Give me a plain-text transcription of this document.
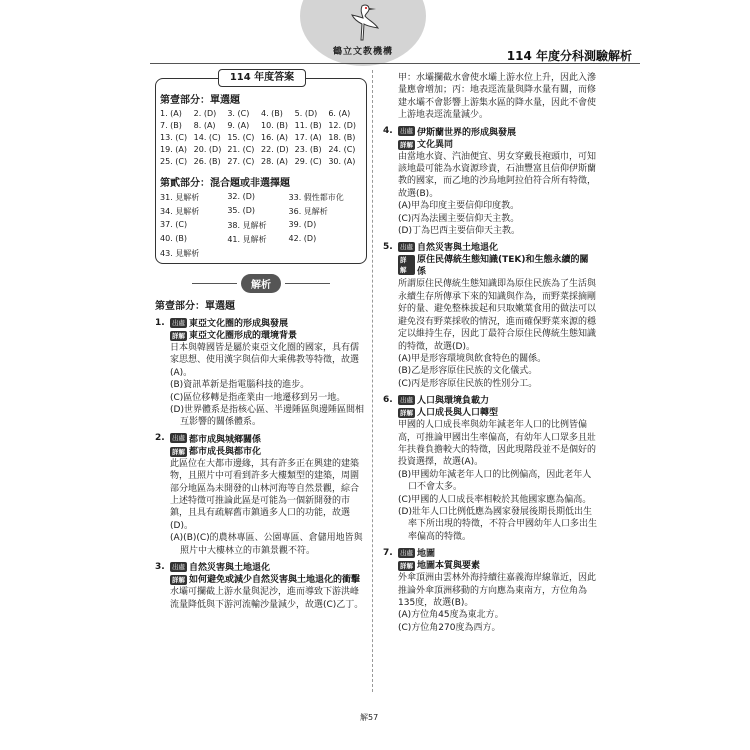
鶴立文教機構	114 年度分科測驗解析
114 年度答案
第壹部分：單選題
1. (A)	2. (D)	3. (C)	4. (B)	5. (D)	6. (A)
7. (B)	8. (A)	9. (A)	10. (B) 11. (B) 12. (D)
13. (C) 14. (C) 15. (C) 16. (A) 17. (A) 18. (B)
19. (A) 20. (D) 21. (C) 22. (D) 23. (B) 24. (C)
25. (C) 26. (B) 27. (C) 28. (A) 29. (C) 30. (A)
第貳部分：混合題或非選擇題
31. 見解析	32. (D)	33. 假性都市化
34. 見解析	35. (D)	36. 見解析
37. (C)	38. 見解析	39. (D)
40. (B)	41. 見解析	42. (D)
43. 見解析
解析
第壹部分：單選題
1.	出處 東亞文化圈的形成與發展
詳解 東亞文化圈形成的環境背景
日本與韓國皆是屬於東亞文化圈的國家，具有儒家思想、使用漢字與信仰大乘佛教等特徵，故選(A)。
(B)資訊革新是指電腦科技的進步。
(C)區位移轉是指產業由一地遷移到另一地。
(D)世界體系是指核心區、半邊陲區與邊陲區間相互影響的關係體系。
2.	出處 都市成與城鄉關係
詳解 都市成長與都市化
此區位在大都市邊緣，其有許多正在興建的建築物，且照片中可看到許多大樓類型的建築，周圍部分地區為未開發的山林河海等自然景觀，綜合上述特徵可推論此區是可能為一個新開發的市鎮，且具有疏解舊市鎮過多人口的功能，故選(D)。
(A)(B)(C)的農林專區、公園專區、倉儲用地皆與照片中大樓林立的市鎮景觀不符。
3.	出處 自然災害與土地退化
詳解 如何避免或減少自然災害與土地退化的衝擊
水壩可攔截上游水量與泥沙，進而導致下游洪峰流量降低與下游河流輸沙量減少，故選(C)乙丁。
甲：水壩攔截水會使水壩上游水位上升，因此入滲量應會增加；丙：地表逕流量與降水量有關，而修建水壩不會影響上游集水區的降水量，因此不會使上游地表逕流量減少。
4.	出處 伊斯蘭世界的形成與發展
詳解 文化異同
由當地水資、汽油便宜、男女穿戴長袍頭巾，可知該地最可能為水資源珍貴，石油豐富且信仰伊斯蘭教的國家，而乙地的沙烏地阿拉伯符合所有特徵，故選(B)。
(A)甲為印度主要信仰印度教。
(C)丙為法國主要信仰天主教。
(D)丁為巴西主要信仰天主教。
5.	出處 自然災害與土地退化
詳解
原住民傳統生態知識(TEK)和生態永續的關係
所謂原住民傳統生態知識即為原住民族為了生活與永續生存所傳承下來的知識與作為，而野菜採摘剛好的量、避免整株拔起和只取嫩葉食用的做法可以避免沒有野菜採收的情況，進而確保野菜來源的穩定以維持生存，因此丁最符合原住民傳統生態知識的特徵，故選(D)。
(A)甲是形容環境與飲食特色的關係。
(B)乙是形容原住民族的文化儀式。
(C)丙是形容原住民族的性別分工。
6.	出處 人口與環境負載力
詳解 人口成長與人口轉型
甲國的人口成長率與幼年減老年人口的比例皆偏高，可推論甲國出生率偏高，有幼年人口眾多且壯年扶養負擔較大的特徵，因此現階段並不是個好的投資選擇，故選(A)。
(B)甲國幼年減老年人口的比例偏高，因此老年人口不會太多。
(C)甲國的人口成長率相較於其他國家應為偏高。
(D)壯年人口比例低應為國家發展後期長期低出生率下所出現的特徵，不符合甲國幼年人口多出生率偏高的特徵。
7.	出處 地圖
詳解 地圖本質與要素
外傘頂洲由雲林外海持續往嘉義海岸線靠近，因此推論外傘頂洲移動的方向應為東南方，方位角為135度，故選(B)。
(A)方位角45度為東北方。
(C)方位角270度為西方。
解57
